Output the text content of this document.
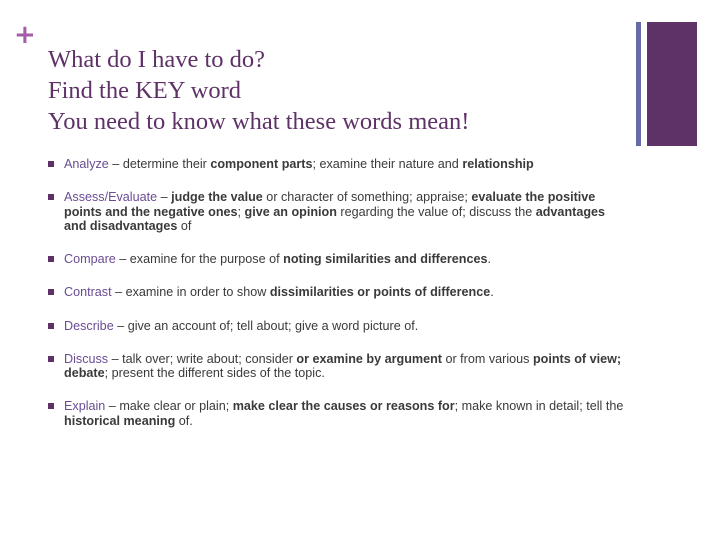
+
What do I have to do?
Find the KEY word
You need to know what these words mean!
Analyze – determine their component parts; examine their nature and relationship
Assess/Evaluate – judge the value or character of something; appraise; evaluate the positive points and the negative ones; give an opinion regarding the value of; discuss the advantages and disadvantages of
Compare – examine for the purpose of noting similarities and differences.
Contrast – examine in order to show dissimilarities or points of difference.
Describe – give an account of; tell about; give a word picture of.
Discuss – talk over; write about; consider or examine by argument or from various points of view; debate; present the different sides of the topic.
Explain – make clear or plain; make clear the causes or reasons for; make known in detail; tell the historical meaning of.
